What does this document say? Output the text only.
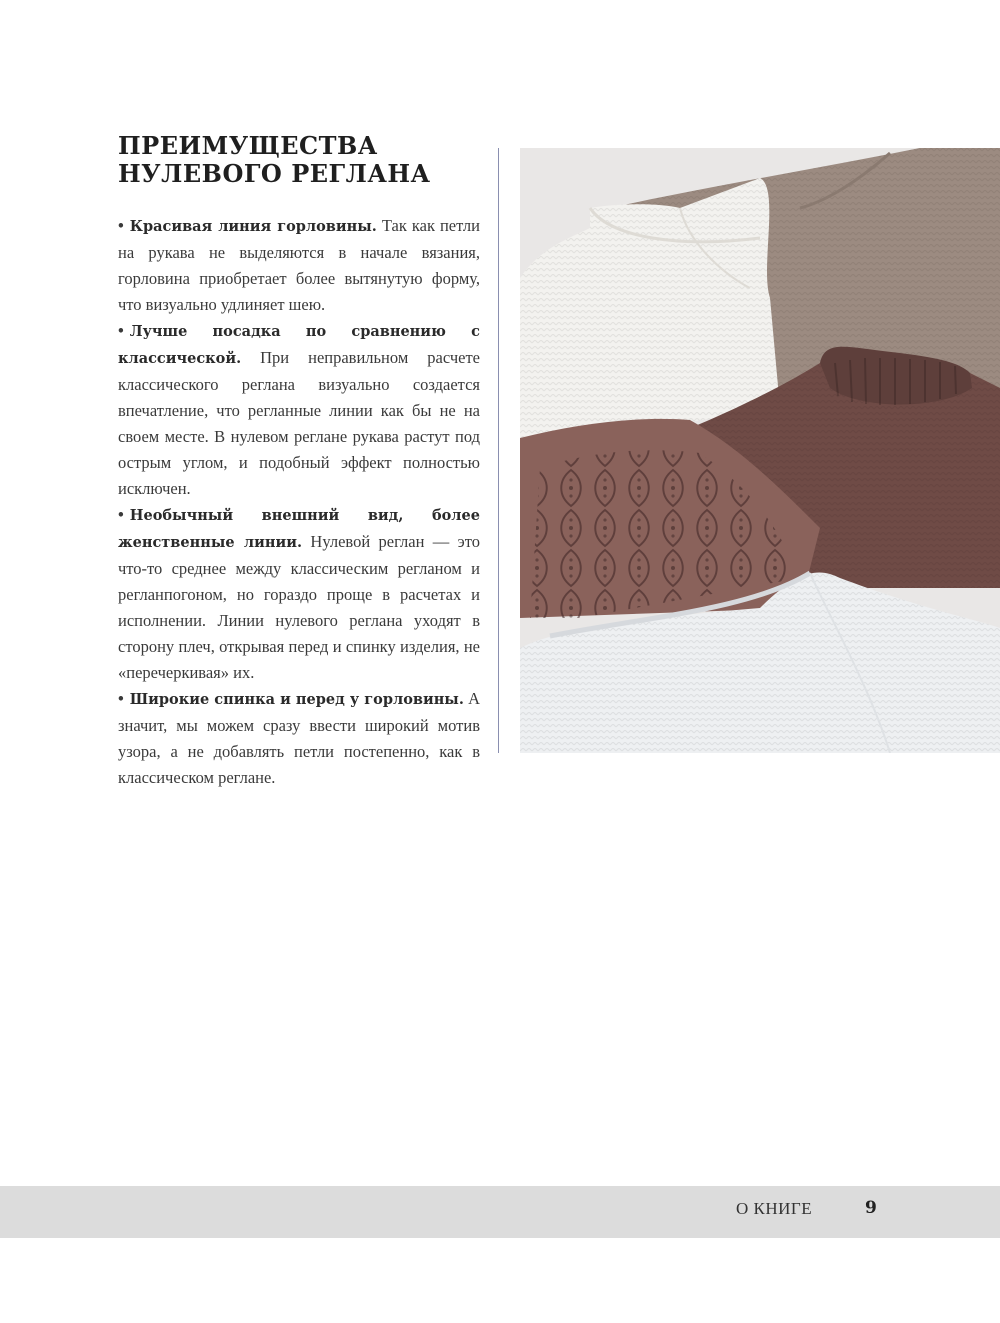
ПРЕИМУЩЕСТВА
НУЛЕВОГО РЕГЛАНА

• Красивая линия горловины. Так как петли на рукава не выделяются в начале вязания, горловина приобретает более вытянутую форму, что визуально удлиняет шею.

• Лучше посадка по сравнению с классической. При неправильном расчете классического реглана визуально создается впечатление, что регланные линии как бы не на своем месте. В нулевом реглане рукава растут под острым углом, и подобный эффект полностью исключен.

• Необычный внешний вид, более женственные линии. Нулевой реглан — это что-то среднее между классическим регланом и регланпогоном, но гораздо проще в расчетах и исполнении. Линии нулевого реглана уходят в сторону плеч, открывая перед и спинку изделия, не «перечеркивая» их.

• Широкие спинка и перед у горловины. А значит, мы можем сразу ввести широкий мотив узора, а не добавлять петли постепенно, как в классическом реглане.

О КНИГЕ	9
